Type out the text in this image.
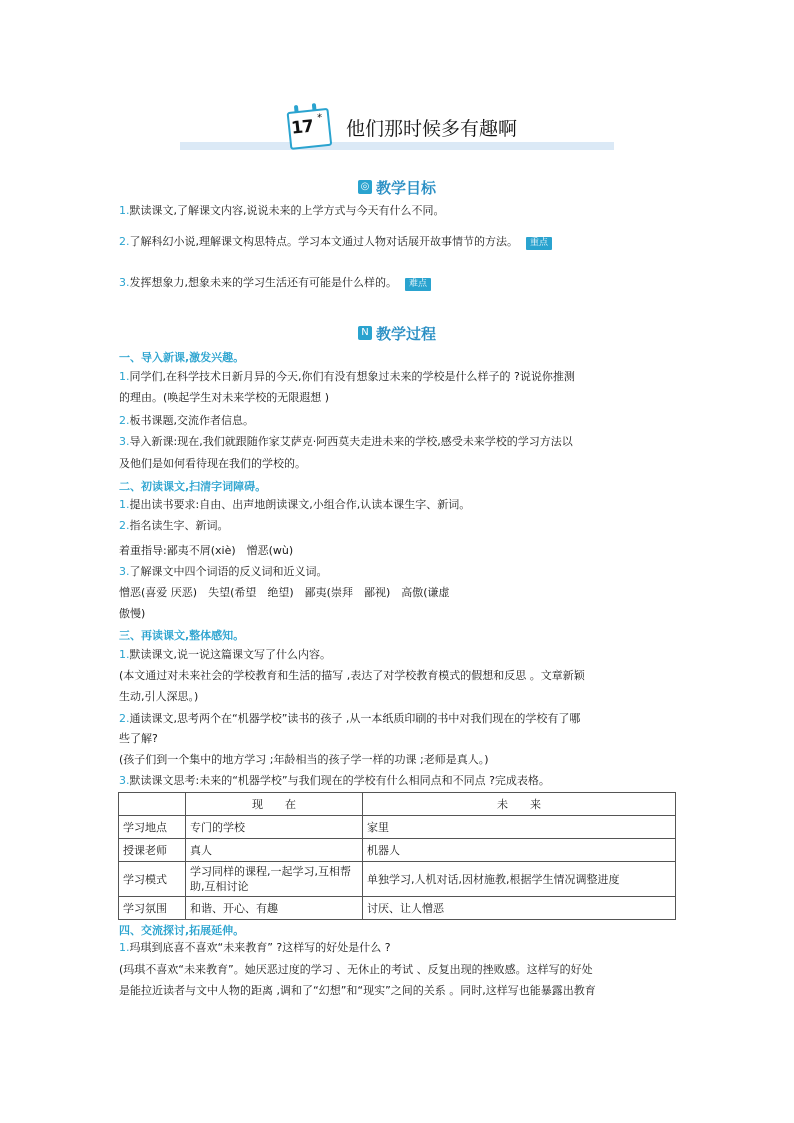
17 * 他们那时候多有趣啊
◎ 教学目标
1.默读课文,了解课文内容,说说未来的上学方式与今天有什么不同。
2.了解科幻小说,理解课文构思特点。学习本文通过人物对话展开故事情节的方法。 重点
3.发挥想象力,想象未来的学习生活还有可能是什么样的。 难点
N 教学过程
一、导入新课,激发兴趣。
1.同学们,在科学技术日新月异的今天,你们有没有想象过未来的学校是什么样子的 ?说说你推测
的理由。(唤起学生对未来学校的无限遐想 )
2.板书课题,交流作者信息。
3.导入新课:现在,我们就跟随作家艾萨克·阿西莫夫走进未来的学校,感受未来学校的学习方法以
及他们是如何看待现在我们的学校的。
二、初读课文,扫清字词障碍。
1.提出读书要求:自由、出声地朗读课文,小组合作,认读本课生字、新词。
2.指名读生字、新词。
着重指导:鄙夷不屑(xiè)　憎恶(wù)
3.了解课文中四个词语的反义词和近义词。
憎恶(喜爱 厌恶)　失望(希望　绝望)　鄙夷(崇拜　鄙视)　高傲(谦虚
傲慢)
三、再读课文,整体感知。
1.默读课文,说一说这篇课文写了什么内容。
(本文通过对未来社会的学校教育和生活的描写 ,表达了对学校教育模式的假想和反思 。文章新颖
生动,引人深思。)
2.通读课文,思考两个在“机器学校”读书的孩子 ,从一本纸质印刷的书中对我们现在的学校有了哪
些了解?
(孩子们到一个集中的地方学习 ;年龄相当的孩子学一样的功课 ;老师是真人。)
3.默读课文思考:未来的“机器学校”与我们现在的学校有什么相同点和不同点 ?完成表格。
	现　　在	未　　来
学习地点	专门的学校	家里
授课老师	真人	机器人
学习模式	学习同样的课程,一起学习,互相帮助,互相讨论	单独学习,人机对话,因材施教,根据学生情况调整进度
学习氛围	和谐、开心、有趣	讨厌、让人憎恶
四、交流探讨,拓展延伸。
1.玛琪到底喜不喜欢“未来教育” ?这样写的好处是什么 ?
(玛琪不喜欢“未来教育”。她厌恶过度的学习 、无休止的考试 、反复出现的挫败感。这样写的好处
是能拉近读者与文中人物的距离 ,调和了“幻想”和“现实”之间的关系 。同时,这样写也能暴露出教育
